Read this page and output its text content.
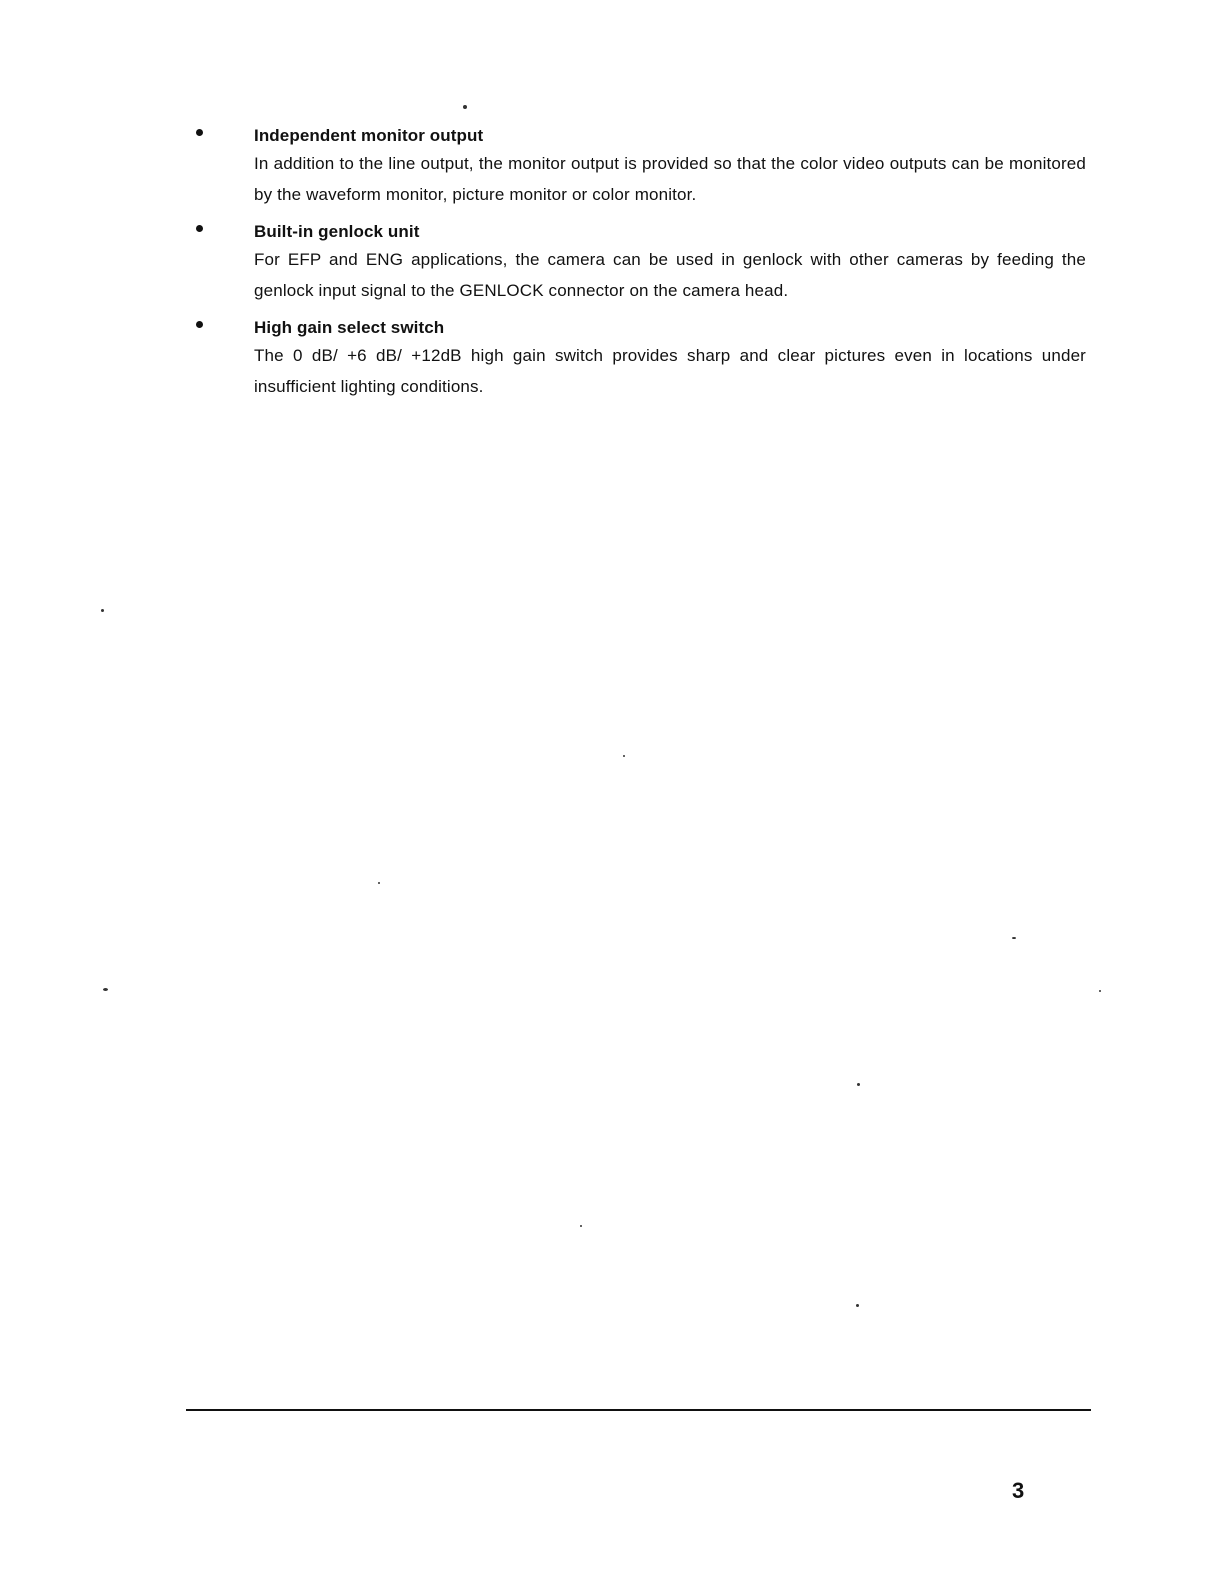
Independent monitor output
In addition to the line output, the monitor output is provided so that the color video outputs can be monitored by the waveform monitor, picture monitor or color monitor.
Built-in genlock unit
For EFP and ENG applications, the camera can be used in genlock with other cameras by feeding the genlock input signal to the GENLOCK connector on the camera head.
High gain select switch
The 0 dB/ +6 dB/ +12dB high gain switch provides sharp and clear pictures even in locations under insufficient lighting conditions.
3
